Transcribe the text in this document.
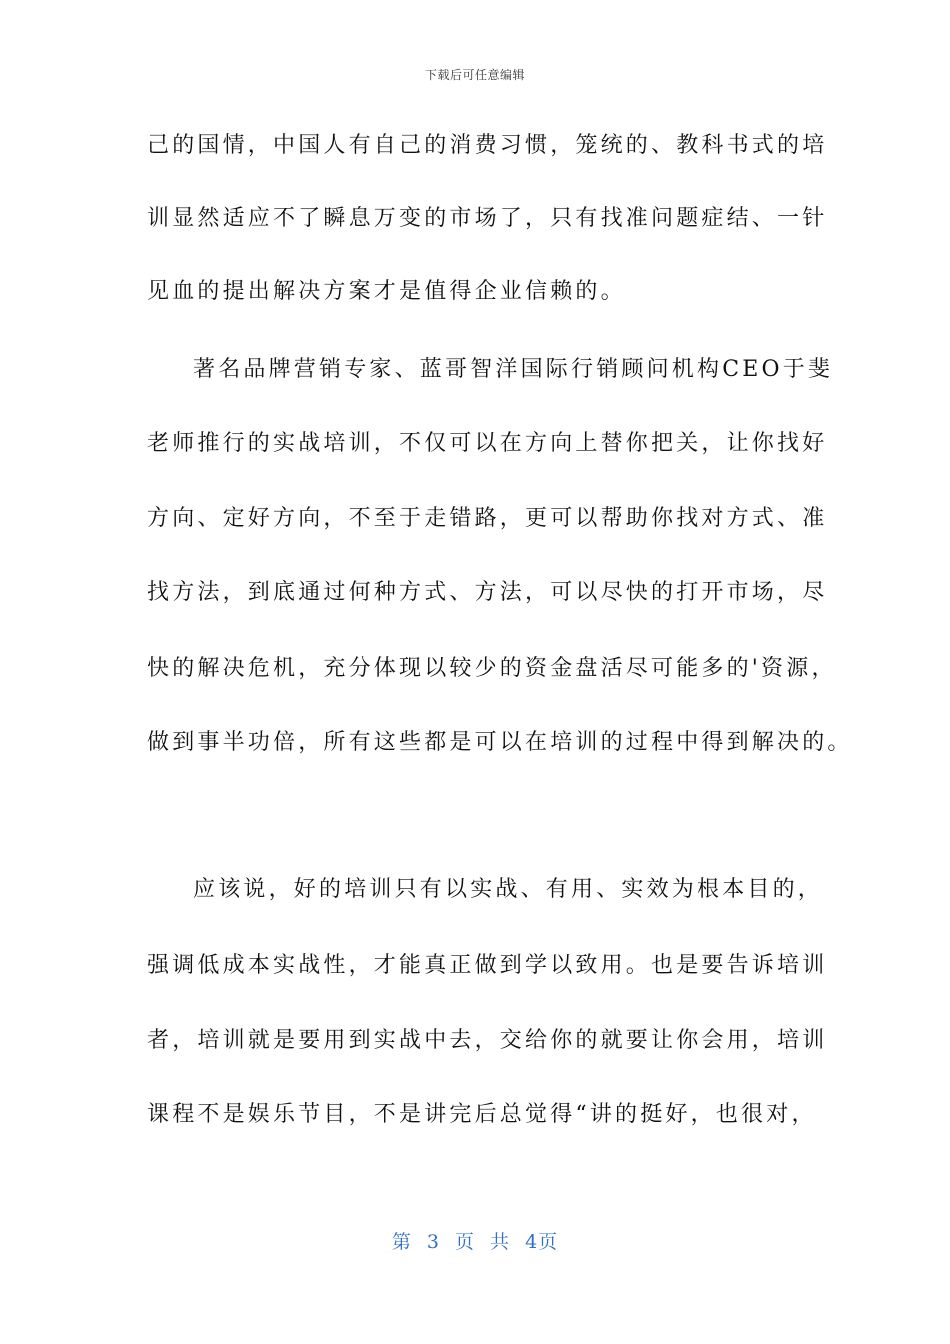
下载后可任意编辑
己的国情，中国人有自己的消费习惯，笼统的、教科书式的培
训显然适应不了瞬息万变的市场了，只有找准问题症结、一针
见血的提出解决方案才是值得企业信赖的。
著名品牌营销专家、蓝哥智洋国际行销顾问机构CEO于斐
老师推行的实战培训，不仅可以在方向上替你把关，让你找好
方向、定好方向，不至于走错路，更可以帮助你找对方式、准
找方法，到底通过何种方式、方法，可以尽快的打开市场，尽
快的解决危机，充分体现以较少的资金盘活尽可能多的'资源，
做到事半功倍，所有这些都是可以在培训的过程中得到解决的。
应该说，好的培训只有以实战、有用、实效为根本目的，
强调低成本实战性，才能真正做到学以致用。也是要告诉培训
者，培训就是要用到实战中去，交给你的就要让你会用，培训
课程不是娱乐节目，不是讲完后总觉得“讲的挺好，也很对，
第 3 页 共 4页
